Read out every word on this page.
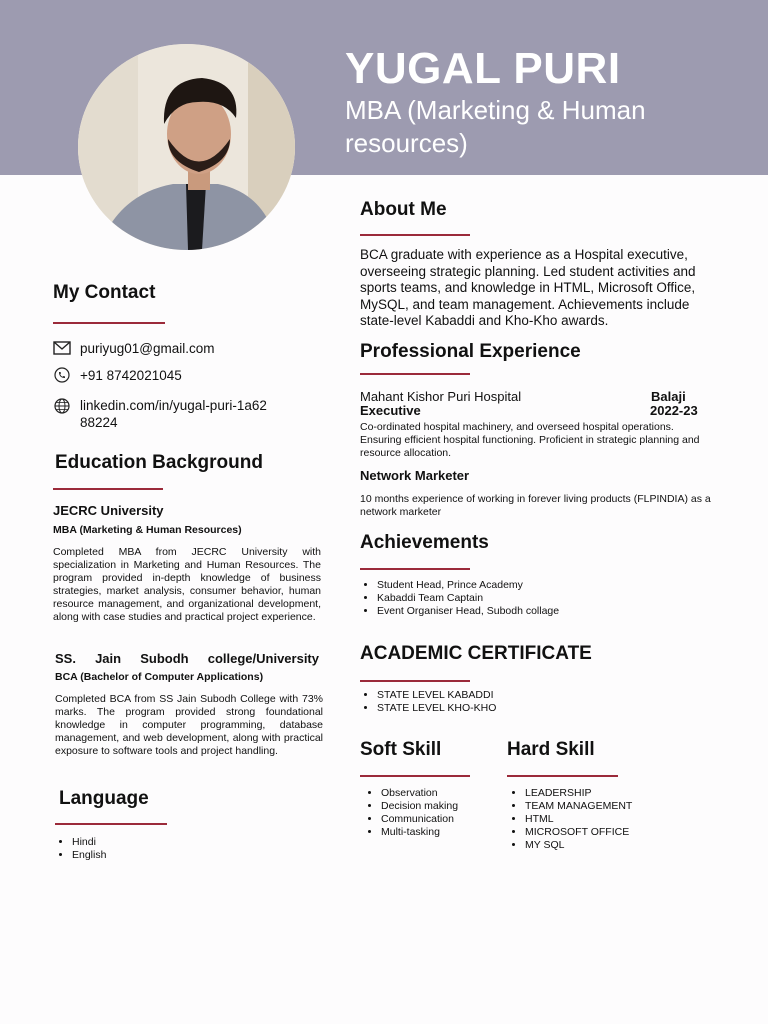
YUGAL PURI
MBA (Marketing & Human resources)
My Contact
puriyug01@gmail.com
+91 8742021045
linkedin.com/in/yugal-puri-1a6288224
Education Background
JECRC University
MBA (Marketing & Human Resources)
Completed MBA from JECRC University with specialization in Marketing and Human Resources. The program provided in-depth knowledge of business strategies, market analysis, consumer behavior, human resource management, and organizational development, along with case studies and practical project experience.
SS. Jain Subodh college/University
BCA (Bachelor of Computer Applications)
Completed BCA from SS Jain Subodh College with 73% marks. The program provided strong foundational knowledge in computer programming, database management, and web development, along with practical exposure to software tools and project handling.
Language
• Hindi
• English
About Me
BCA graduate with experience as a Hospital executive, overseeing strategic planning. Led student activities and sports teams, and knowledge in HTML, Microsoft Office, MySQL, and team management. Achievements include state-level Kabaddi and Kho-Kho awards.
Professional Experience
Mahant Kishor Puri Hospital
Executive
Balaji
2022-23
Co-ordinated hospital machinery, and overseed hospital operations. Ensuring efficient hospital functioning. Proficient in strategic planning and resource allocation.
Network Marketer
10 months experience of working in forever living products (FLPINDIA) as a network marketer
Achievements
• Student Head, Prince Academy
• Kabaddi Team Captain
• Event Organiser Head, Subodh collage
ACADEMIC CERTIFICATE
• STATE LEVEL KABADDI
• STATE LEVEL KHO-KHO
Soft Skill
• Observation
• Decision making
• Communication
• Multi-tasking
Hard Skill
• LEADERSHIP
• TEAM MANAGEMENT
• HTML
• MICROSOFT OFFICE
• MY SQL
